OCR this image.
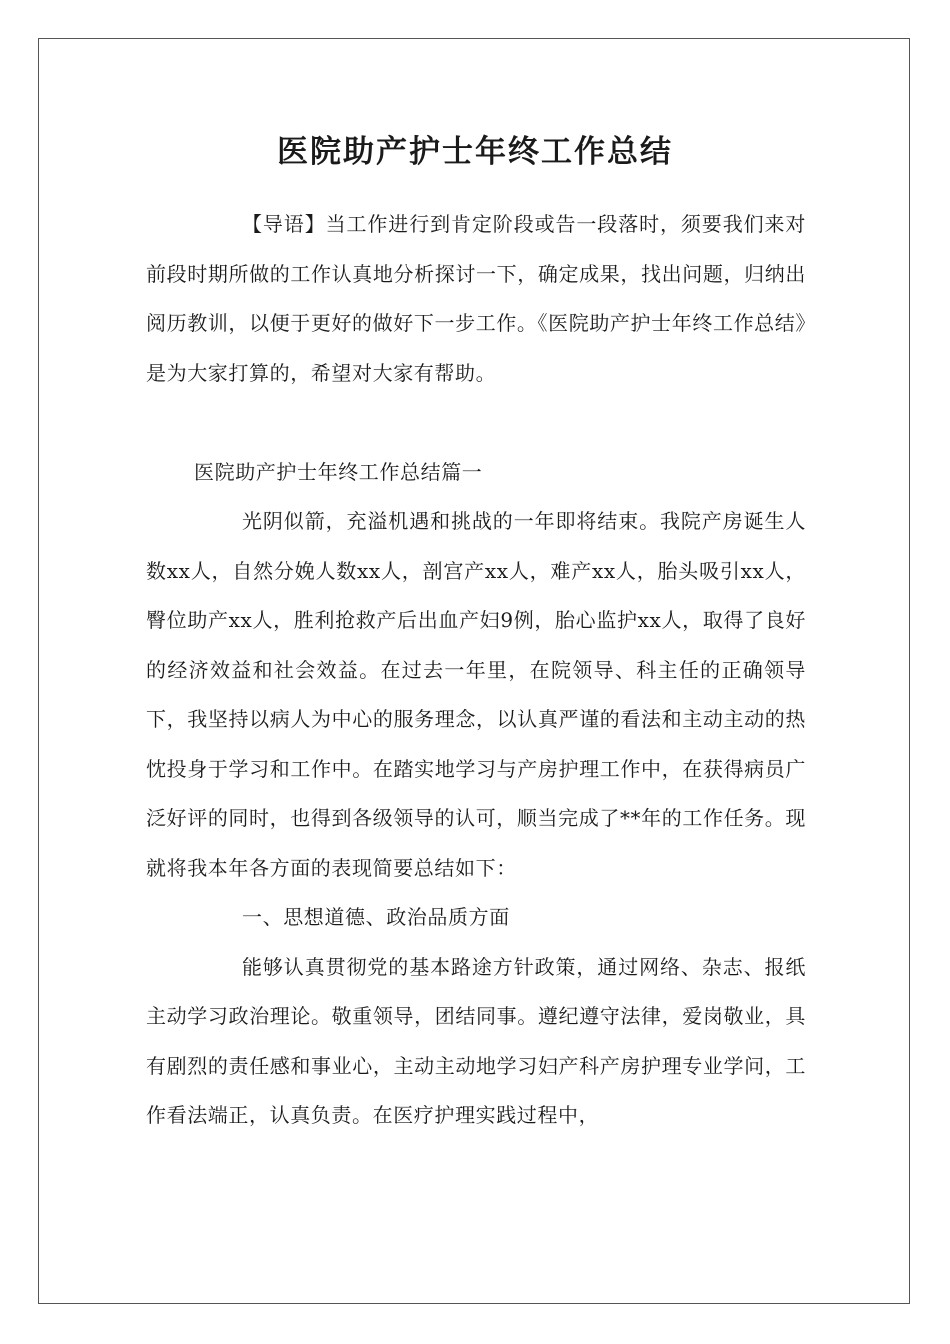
医院助产护士年终工作总结

【导语】当工作进行到肯定阶段或告一段落时，须要我们来对前段时期所做的工作认真地分析探讨一下，确定成果，找出问题，归纳出阅历教训，以便于更好的做好下一步工作。《医院助产护士年终工作总结》是为大家打算的，希望对大家有帮助。

医院助产护士年终工作总结篇一

光阴似箭，充溢机遇和挑战的一年即将结束。我院产房诞生人数xx人，自然分娩人数xx人，剖宫产xx人，难产xx人，胎头吸引xx人，臀位助产xx人，胜利抢救产后出血产妇9例，胎心监护xx人，取得了良好的经济效益和社会效益。在过去一年里，在院领导、科主任的正确领导下，我坚持以病人为中心的服务理念，以认真严谨的看法和主动主动的热忱投身于学习和工作中。在踏实地学习与产房护理工作中，在获得病员广泛好评的同时，也得到各级领导的认可，顺当完成了**年的工作任务。现就将我本年各方面的表现简要总结如下：

一、思想道德、政治品质方面

能够认真贯彻党的基本路途方针政策，通过网络、杂志、报纸主动学习政治理论。敬重领导，团结同事。遵纪遵守法律，爱岗敬业，具有剧烈的责任感和事业心，主动主动地学习妇产科产房护理专业学问，工作看法端正，认真负责。在医疗护理实践过程中，
